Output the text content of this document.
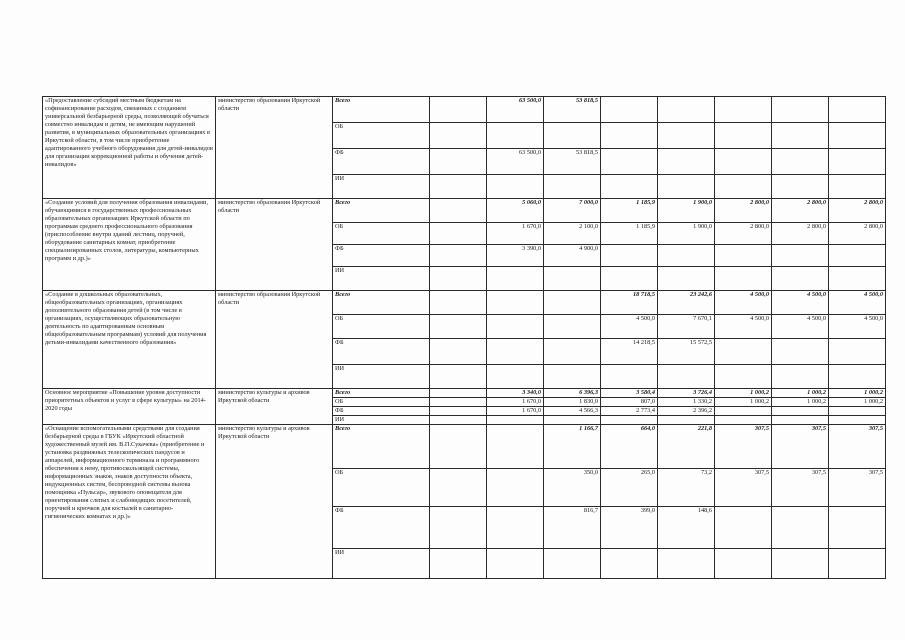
«Предоставление субсидий местным бюджетам на софинансирование расходов, связанных с созданием универсальной безбарьерной среды, позволяющей обучаться совместно инвалидам и детям, не имеющим нарушений развития, в муниципальных образовательных организациях в Иркутской области, в том числе приобретение адаптированного учебного оборудования для детей-инвалидов для организации коррекционной работы и обучения детей-инвалидов»	министерство образования Иркутской области	Всего		63 500,0	53 818,5					
		ОБ								
		ФБ		63 500,0	53 818,5					
		ИИ								
«Создание условий для получения образования инвалидами, обучающимися в государственных профессиональных образовательных организациях Иркутской области по программам среднего профессионального образования (приспособление внутри зданий лестниц, поручней, оборудование санитарных комнат, приобретение специализированных столов, литературы, компьютерных программ и др.)»	министерство образования Иркутской области	Всего		5 060,0	7 000,0	1 185,9	1 900,0	2 800,0	2 800,0	2 800,0
		ОБ		1 670,0	2 100,0	1 185,9	1 900,0	2 800,0	2 800,0	2 800,0
		ФБ		3 390,0	4 900,0					
		ИИ								
«Создание в дошкольных образовательных, общеобразовательных организациях, организациях дополнительного образования детей (в том числе в организациях, осуществляющих образовательную деятельность по адаптированным основным общеобразовательным программам) условий для получения детьми-инвалидами качественного образования»	министерство образования Иркутской области	Всего				18 718,5	23 242,6	4 500,0	4 500,0	4 500,0
		ОБ				4 500,0	7 670,1	4 500,0	4 500,0	4 500,0
		ФБ				14 218,5	15 572,5			
		ИИ								
Основное мероприятие «Повышение уровня доступности приоритетных объектов и услуг в сфере культуры» на 2014-2020 годы	министерство культуры и архивов Иркутской области	Всего		3 340,0	6 396,3	3 580,4	3 726,4	1 000,2	1 000,2	1 000,2
		ОБ		1 670,0	1 830,0	807,0	1 330,2	1 000,2	1 000,2	1 000,2
		ФБ		1 670,0	4 566,3	2 773,4	2 396,2			
		ИИ								
«Оснащение вспомогательными средствами для создания безбарьерной среды в ГБУК «Иркутский областной художественный музей им. В.П.Сукачева» (приобретение и установка раздвижных телескопических пандусов и аппарелей, информационного терминала и программного обеспечения к нему, противоскользящей системы, информационных знаков, знаков доступности объекта, индукционных систем, беспроводной системы вызова помощника «Пульсар», звукового оповещателя для ориентирования слепых и слабовидящих посетителей, поручней и крючков для костылей в санитарно-гигиенических комнатах и др.)»	министерство культуры и архивов Иркутской области	Всего			1 166,7	664,0	221,8	307,5	307,5	307,5
		ОБ			350,0	265,0	73,2	307,5	307,5	307,5
		ФБ			816,7	399,0	148,6			
		ИИ								
